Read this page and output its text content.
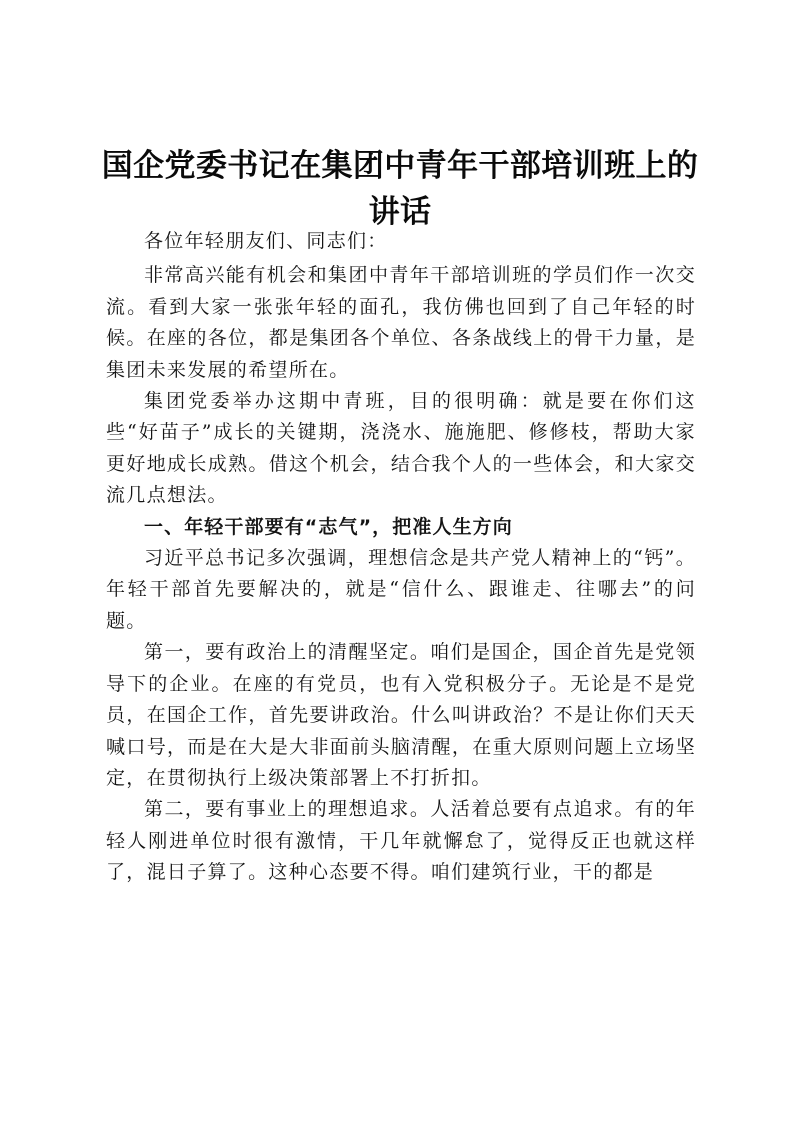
国企党委书记在集团中青年干部培训班上的讲话

各位年轻朋友们、同志们：

非常高兴能有机会和集团中青年干部培训班的学员们作一次交流。看到大家一张张年轻的面孔，我仿佛也回到了自己年轻的时候。在座的各位，都是集团各个单位、各条战线上的骨干力量，是集团未来发展的希望所在。

集团党委举办这期中青班，目的很明确：就是要在你们这些“好苗子”成长的关键期，浇浇水、施施肥、修修枝，帮助大家更好地成长成熟。借这个机会，结合我个人的一些体会，和大家交流几点想法。

一、年轻干部要有“志气”，把准人生方向

习近平总书记多次强调，理想信念是共产党人精神上的“钙”。年轻干部首先要解决的，就是“信什么、跟谁走、往哪去”的问题。

第一，要有政治上的清醒坚定。咱们是国企，国企首先是党领导下的企业。在座的有党员，也有入党积极分子。无论是不是党员，在国企工作，首先要讲政治。什么叫讲政治？不是让你们天天喊口号，而是在大是大非面前头脑清醒，在重大原则问题上立场坚定，在贯彻执行上级决策部署上不打折扣。

第二，要有事业上的理想追求。人活着总要有点追求。有的年轻人刚进单位时很有激情，干几年就懈怠了，觉得反正也就这样了，混日子算了。这种心态要不得。咱们建筑行业，干的都是
